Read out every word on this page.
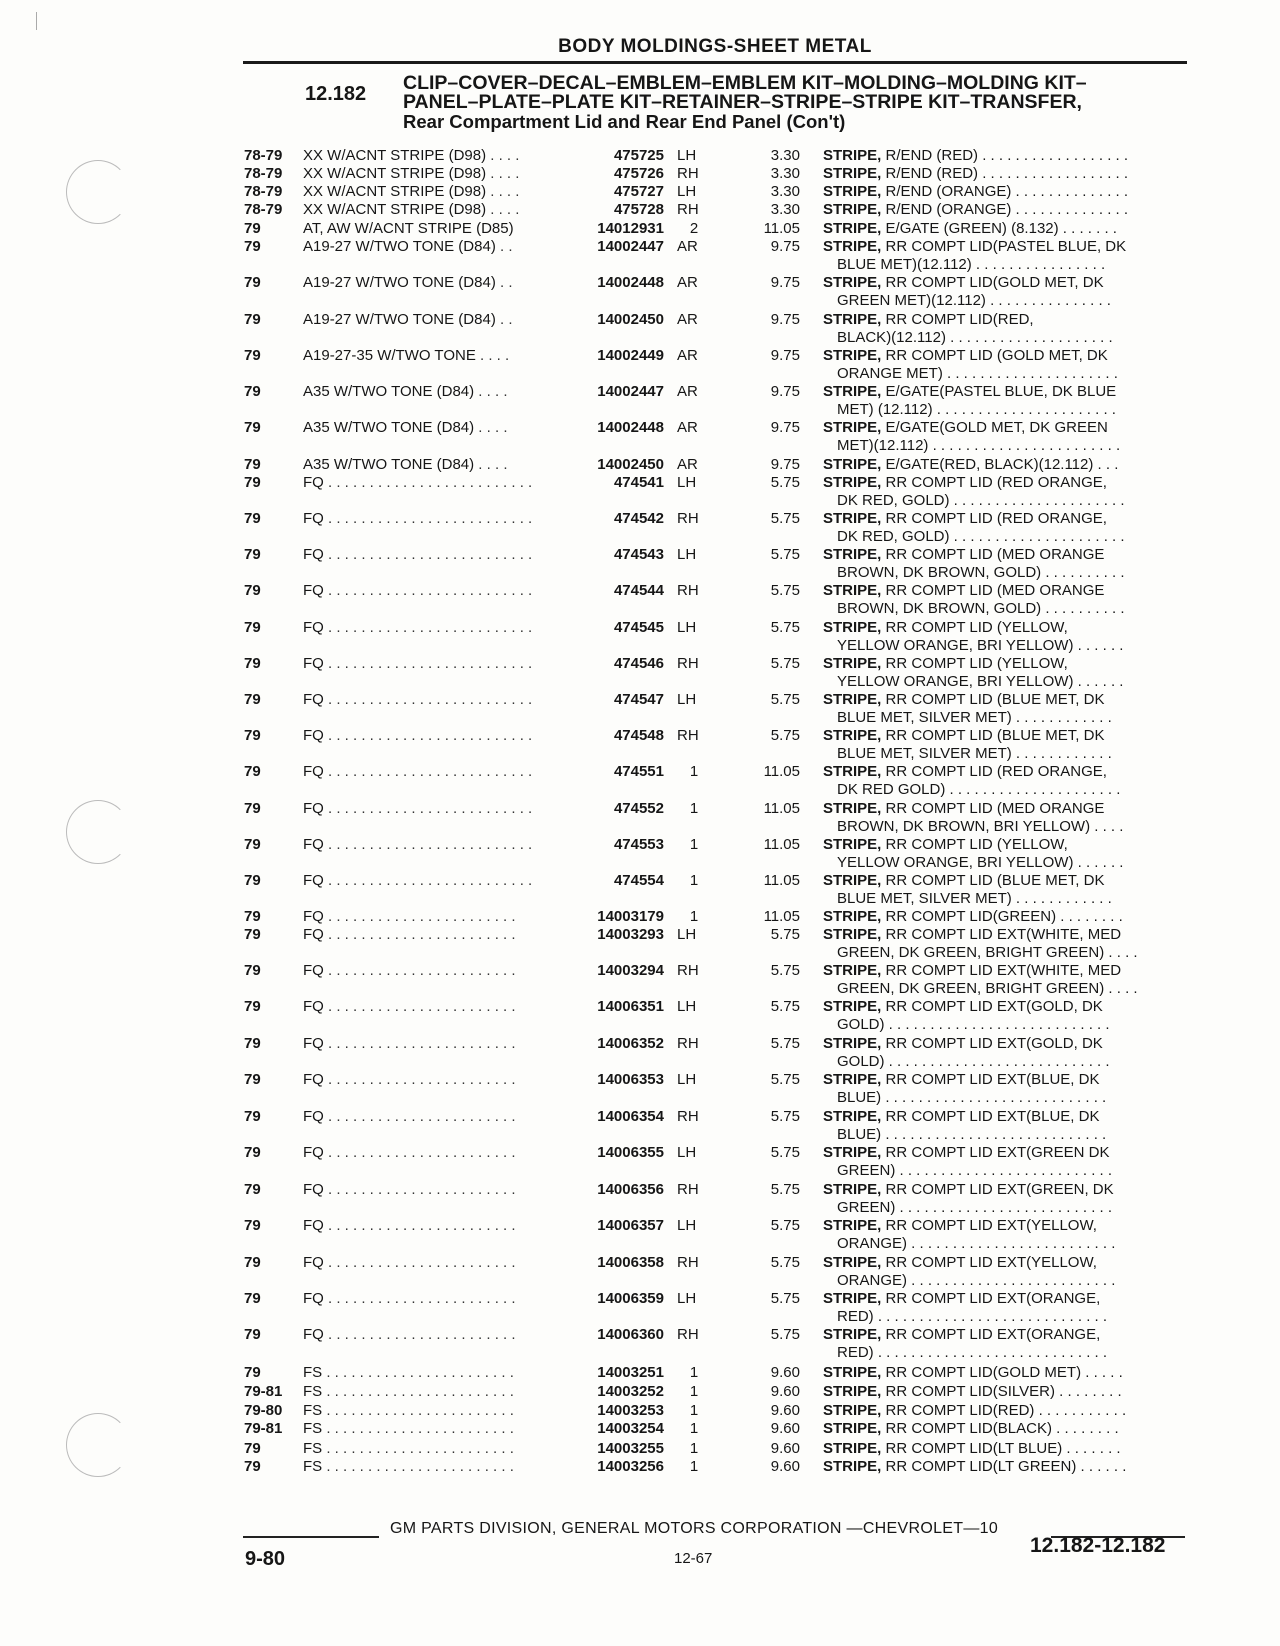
BODY MOLDINGS-SHEET METAL
12.182 CLIP–COVER–DECAL–EMBLEM–EMBLEM KIT–MOLDING–MOLDING KIT–
PANEL–PLATE–PLATE KIT–RETAINER–STRIPE–STRIPE KIT–TRANSFER,
Rear Compartment Lid and Rear End Panel (Con't)
78-79 XX W/ACNT STRIPE (D98) . . . .	475725 LH	3.30 STRIPE, R/END (RED) . . . . . . . . . . . . . . . . . .
78-79 XX W/ACNT STRIPE (D98) . . . .	475726 RH	3.30 STRIPE, R/END (RED) . . . . . . . . . . . . . . . . . .
78-79 XX W/ACNT STRIPE (D98) . . . .	475727 LH	3.30 STRIPE, R/END (ORANGE) . . . . . . . . . . . . . .
78-79 XX W/ACNT STRIPE (D98) . . . .	475728 RH	3.30 STRIPE, R/END (ORANGE) . . . . . . . . . . . . . .
79	AT, AW W/ACNT STRIPE (D85)	14012931	2	11.05 STRIPE, E/GATE (GREEN) (8.132) . . . . . . .
79	A19-27 W/TWO TONE (D84) . .	14002447 AR	9.75 STRIPE, RR COMPT LID(PASTEL BLUE, DK
BLUE MET)(12.112) . . . . . . . . . . . . . . . .
79	A19-27 W/TWO TONE (D84) . .	14002448 AR	9.75 STRIPE, RR COMPT LID(GOLD MET, DK
GREEN MET)(12.112) . . . . . . . . . . . . . . .
79	A19-27 W/TWO TONE (D84) . .	14002450 AR	9.75 STRIPE, RR COMPT LID(RED,
BLACK)(12.112) . . . . . . . . . . . . . . . . . . . .
79	A19-27-35 W/TWO TONE . . . .	14002449 AR	9.75 STRIPE, RR COMPT LID (GOLD MET, DK
ORANGE MET) . . . . . . . . . . . . . . . . . . . . .
79	A35 W/TWO TONE (D84) . . . .	14002447 AR	9.75 STRIPE, E/GATE(PASTEL BLUE, DK BLUE
MET) (12.112) . . . . . . . . . . . . . . . . . . . . . .
79	A35 W/TWO TONE (D84) . . . .	14002448 AR	9.75 STRIPE, E/GATE(GOLD MET, DK GREEN
MET)(12.112) . . . . . . . . . . . . . . . . . . . . . . .
79	A35 W/TWO TONE (D84) . . . .	14002450 AR	9.75 STRIPE, E/GATE(RED, BLACK)(12.112) . . .
79	FQ . . . . . . . . . . . . . . . . . . . . . . . . .	474541 LH	5.75 STRIPE, RR COMPT LID (RED ORANGE,
DK RED, GOLD) . . . . . . . . . . . . . . . . . . . . .
79	FQ . . . . . . . . . . . . . . . . . . . . . . . . .	474542 RH	5.75 STRIPE, RR COMPT LID (RED ORANGE,
DK RED, GOLD) . . . . . . . . . . . . . . . . . . . . .
79	FQ . . . . . . . . . . . . . . . . . . . . . . . . .	474543 LH	5.75 STRIPE, RR COMPT LID (MED ORANGE
BROWN, DK BROWN, GOLD) . . . . . . . . . .
79	FQ . . . . . . . . . . . . . . . . . . . . . . . . .	474544 RH	5.75 STRIPE, RR COMPT LID (MED ORANGE
BROWN, DK BROWN, GOLD) . . . . . . . . . .
79	FQ . . . . . . . . . . . . . . . . . . . . . . . . .	474545 LH	5.75 STRIPE, RR COMPT LID (YELLOW,
YELLOW ORANGE, BRI YELLOW) . . . . . .
79	FQ . . . . . . . . . . . . . . . . . . . . . . . . .	474546 RH	5.75 STRIPE, RR COMPT LID (YELLOW,
YELLOW ORANGE, BRI YELLOW) . . . . . .
79	FQ . . . . . . . . . . . . . . . . . . . . . . . . .	474547 LH	5.75 STRIPE, RR COMPT LID (BLUE MET, DK
BLUE MET, SILVER MET) . . . . . . . . . . . .
79	FQ . . . . . . . . . . . . . . . . . . . . . . . . .	474548 RH	5.75 STRIPE, RR COMPT LID (BLUE MET, DK
BLUE MET, SILVER MET) . . . . . . . . . . . .
79	FQ . . . . . . . . . . . . . . . . . . . . . . . . .	474551	1	11.05 STRIPE, RR COMPT LID (RED ORANGE,
DK RED GOLD) . . . . . . . . . . . . . . . . . . . . .
79	FQ . . . . . . . . . . . . . . . . . . . . . . . . .	474552	1	11.05 STRIPE, RR COMPT LID (MED ORANGE
BROWN, DK BROWN, BRI YELLOW) . . . .
79	FQ . . . . . . . . . . . . . . . . . . . . . . . . .	474553	1	11.05 STRIPE, RR COMPT LID (YELLOW,
YELLOW ORANGE, BRI YELLOW) . . . . . .
79	FQ . . . . . . . . . . . . . . . . . . . . . . . . .	474554	1	11.05 STRIPE, RR COMPT LID (BLUE MET, DK
BLUE MET, SILVER MET) . . . . . . . . . . . .
79	FQ . . . . . . . . . . . . . . . . . . . . . . .	14003179	1	11.05 STRIPE, RR COMPT LID(GREEN) . . . . . . . .
79	FQ . . . . . . . . . . . . . . . . . . . . . . .	14003293 LH	5.75 STRIPE, RR COMPT LID EXT(WHITE, MED
GREEN, DK GREEN, BRIGHT GREEN) . . . .
79	FQ . . . . . . . . . . . . . . . . . . . . . . .	14003294 RH	5.75 STRIPE, RR COMPT LID EXT(WHITE, MED
GREEN, DK GREEN, BRIGHT GREEN) . . . .
79	FQ . . . . . . . . . . . . . . . . . . . . . . .	14006351 LH	5.75 STRIPE, RR COMPT LID EXT(GOLD, DK
GOLD) . . . . . . . . . . . . . . . . . . . . . . . . . . .
79	FQ . . . . . . . . . . . . . . . . . . . . . . .	14006352 RH	5.75 STRIPE, RR COMPT LID EXT(GOLD, DK
GOLD) . . . . . . . . . . . . . . . . . . . . . . . . . . .
79	FQ . . . . . . . . . . . . . . . . . . . . . . .	14006353 LH	5.75 STRIPE, RR COMPT LID EXT(BLUE, DK
BLUE) . . . . . . . . . . . . . . . . . . . . . . . . . . .
79	FQ . . . . . . . . . . . . . . . . . . . . . . .	14006354 RH	5.75 STRIPE, RR COMPT LID EXT(BLUE, DK
BLUE) . . . . . . . . . . . . . . . . . . . . . . . . . . .
79	FQ . . . . . . . . . . . . . . . . . . . . . . .	14006355 LH	5.75 STRIPE, RR COMPT LID EXT(GREEN DK
GREEN) . . . . . . . . . . . . . . . . . . . . . . . . . .
79	FQ . . . . . . . . . . . . . . . . . . . . . . .	14006356 RH	5.75 STRIPE, RR COMPT LID EXT(GREEN, DK
GREEN) . . . . . . . . . . . . . . . . . . . . . . . . . .
79	FQ . . . . . . . . . . . . . . . . . . . . . . .	14006357 LH	5.75 STRIPE, RR COMPT LID EXT(YELLOW,
ORANGE) . . . . . . . . . . . . . . . . . . . . . . . . .
79	FQ . . . . . . . . . . . . . . . . . . . . . . .	14006358 RH	5.75 STRIPE, RR COMPT LID EXT(YELLOW,
ORANGE) . . . . . . . . . . . . . . . . . . . . . . . . .
79	FQ . . . . . . . . . . . . . . . . . . . . . . .	14006359 LH	5.75 STRIPE, RR COMPT LID EXT(ORANGE,
RED) . . . . . . . . . . . . . . . . . . . . . . . . . . . .
79	FQ . . . . . . . . . . . . . . . . . . . . . . .	14006360 RH	5.75 STRIPE, RR COMPT LID EXT(ORANGE,
RED) . . . . . . . . . . . . . . . . . . . . . . . . . . . .
79	FS . . . . . . . . . . . . . . . . . . . . . . .	14003251	1	9.60 STRIPE, RR COMPT LID(GOLD MET) . . . . .
79-81 FS . . . . . . . . . . . . . . . . . . . . . . .	14003252	1	9.60 STRIPE, RR COMPT LID(SILVER) . . . . . . . .
79-80 FS . . . . . . . . . . . . . . . . . . . . . . .	14003253	1	9.60 STRIPE, RR COMPT LID(RED) . . . . . . . . . . .
79-81 FS . . . . . . . . . . . . . . . . . . . . . . .	14003254	1	9.60 STRIPE, RR COMPT LID(BLACK) . . . . . . . .
79	FS . . . . . . . . . . . . . . . . . . . . . . .	14003255	1	9.60 STRIPE, RR COMPT LID(LT BLUE) . . . . . . .
79	FS . . . . . . . . . . . . . . . . . . . . . . .	14003256	1	9.60 STRIPE, RR COMPT LID(LT GREEN) . . . . . .
GM PARTS DIVISION, GENERAL MOTORS CORPORATION —CHEVROLET—10
9-80	12-67
12.182-12.182
